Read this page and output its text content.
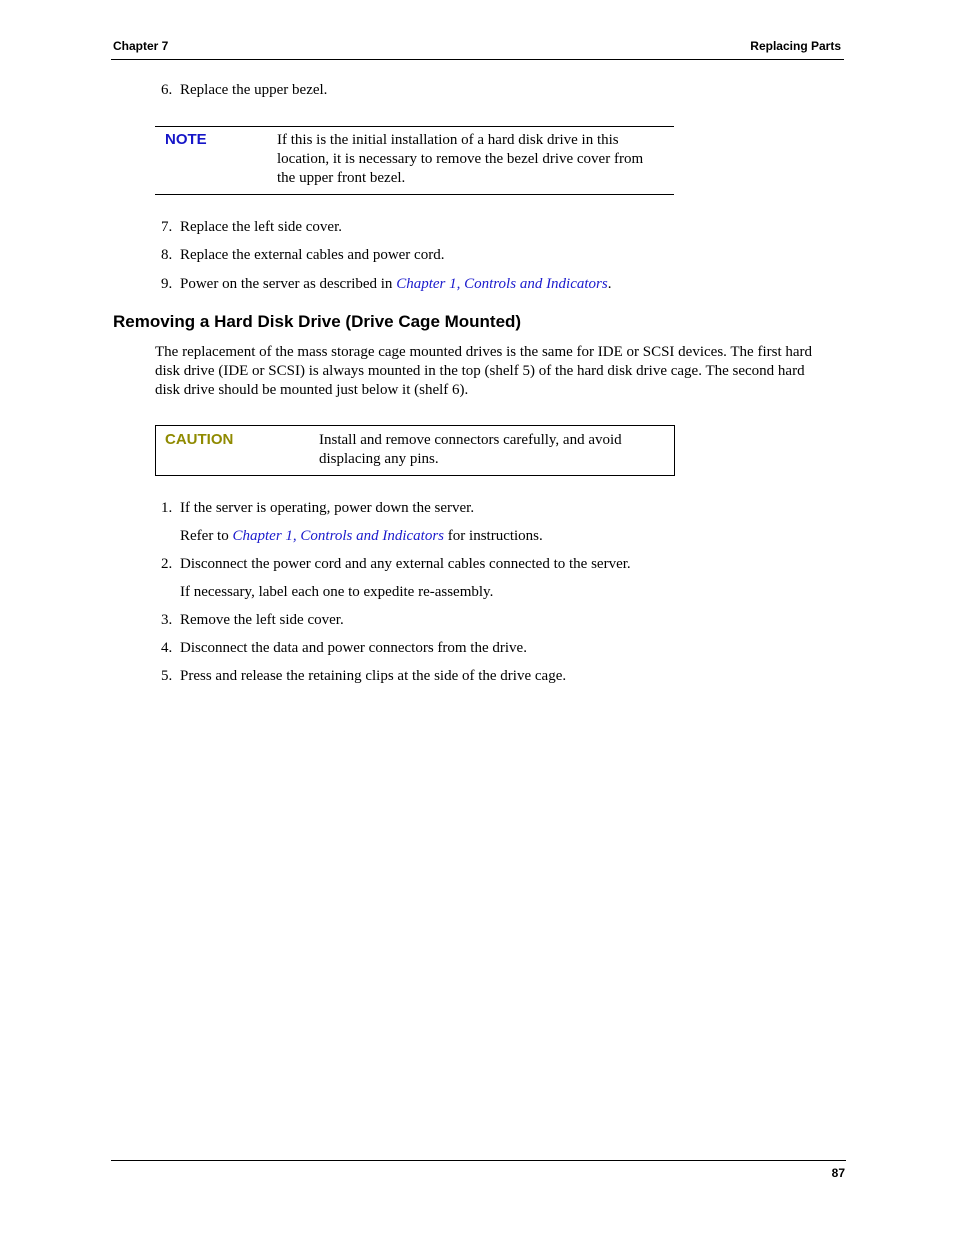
Chapter 7	Replacing Parts
6. Replace the upper bezel.
NOTE	If this is the initial installation of a hard disk drive in this
location, it is necessary to remove the bezel drive cover from
the upper front bezel.
7. Replace the left side cover.
8. Replace the external cables and power cord.
9. Power on the server as described in Chapter 1, Controls and Indicators.
Removing a Hard Disk Drive (Drive Cage Mounted)
The replacement of the mass storage cage mounted drives is the same for IDE or SCSI devices. The first hard
disk drive (IDE or SCSI) is always mounted in the top (shelf 5) of the hard disk drive cage. The second hard
disk drive should be mounted just below it (shelf 6).
CAUTION	Install and remove connectors carefully, and avoid
displacing any pins.
1. If the server is operating, power down the server.
Refer to Chapter 1, Controls and Indicators for instructions.
2. Disconnect the power cord and any external cables connected to the server.
If necessary, label each one to expedite re-assembly.
3. Remove the left side cover.
4. Disconnect the data and power connectors from the drive.
5. Press and release the retaining clips at the side of the drive cage.
87
